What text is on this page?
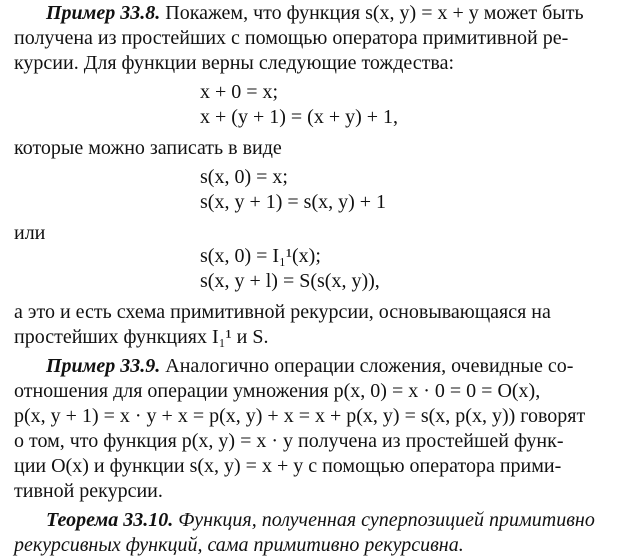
Пример 33.8. Покажем, что функция s(x, y) = x + y может быть
получена из простейших с помощью оператора примитивной ре-
курсии. Для функции верны следующие тождества:

x + 0 = x;
x + (y + 1) = (x + y) + 1,

которые можно записать в виде

s(x, 0) = x;
s(x, y + 1) = s(x, y) + 1

или

s(x, 0) = I₁¹(x);
s(x, y + l) = S(s(x, y)),

а это и есть схема примитивной рекурсии, основывающаяся на
простейших функциях I₁¹ и S.

Пример 33.9. Аналогично операции сложения, очевидные со-
отношения для операции умножения p(x, 0) = x · 0 = 0 = O(x),
p(x, y + 1) = x · y + x = p(x, y) + x = x + p(x, y) = s(x, p(x, y)) говорят
о том, что функция p(x, y) = x · y получена из простейшей функ-
ции O(x) и функции s(x, y) = x + y с помощью оператора прими-
тивной рекурсии.

Теорема 33.10. Функция, полученная суперпозицией примитивно
рекурсивных функций, сама примитивно рекурсивна.
